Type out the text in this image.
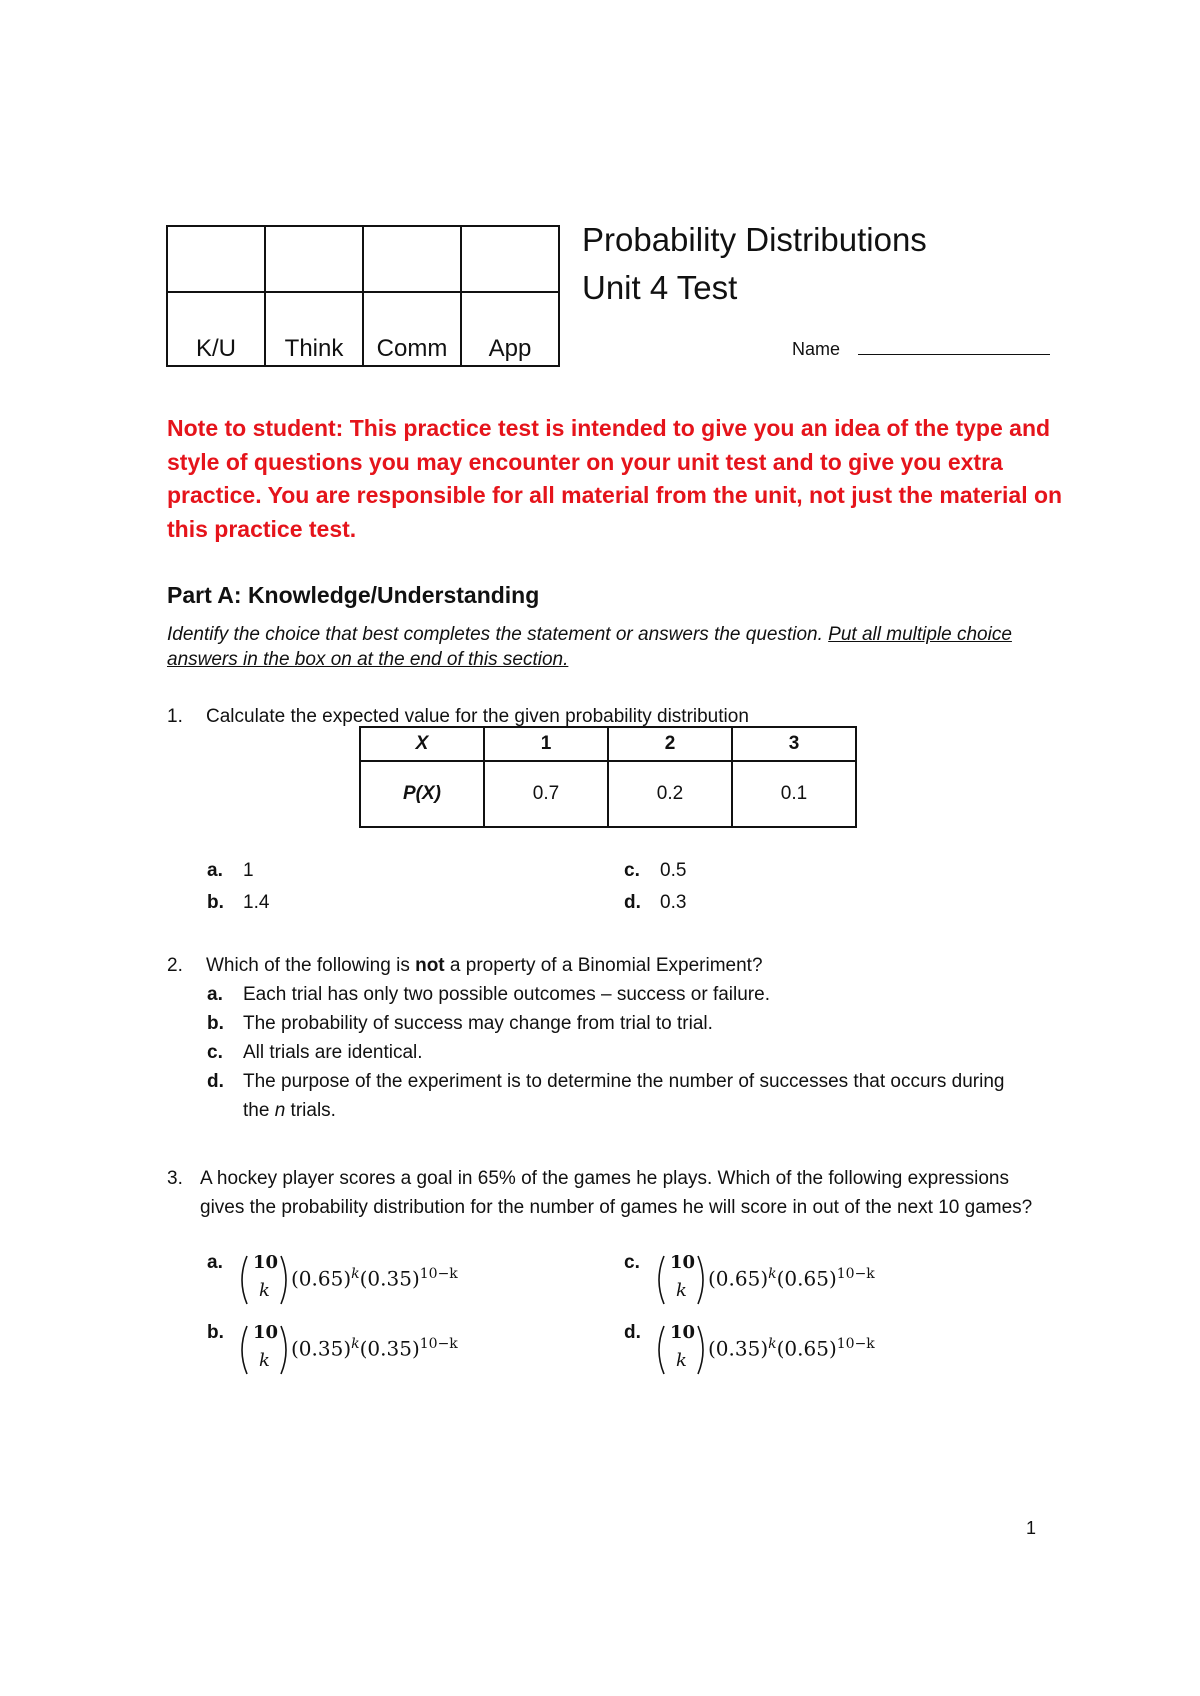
K/U	Think	Comm	App
Probability Distributions
Unit 4 Test
Name
Note to student: This practice test is intended to give you an idea of the type and style of questions you may encounter on your unit test and to give you extra practice. You are responsible for all material from the unit, not just the material on this practice test.
Part A: Knowledge/Understanding
Identify the choice that best completes the statement or answers the question. Put all multiple choice answers in the box on at the end of this section.
1. Calculate the expected value for the given probability distribution
X	1	2	3
P(X)	0.7	0.2	0.1
a. 1
b. 1.4
c. 0.5
d. 0.3
2. Which of the following is not a property of a Binomial Experiment?
a. Each trial has only two possible outcomes – success or failure.
b. The probability of success may change from trial to trial.
c. All trials are identical.
d. The purpose of the experiment is to determine the number of successes that occurs during the n trials.
3. A hockey player scores a goal in 65% of the games he plays. Which of the following expressions gives the probability distribution for the number of games he will score in out of the next 10 games?
a. 10
k $(0.65)^k(0.35)^{10-k}$
b. 10
k $(0.35)^k(0.35)^{10-k}$
c. 10
k $(0.65)^k(0.65)^{10-k}$
d. 10
k $(0.35)^k(0.65)^{10-k}$
1
